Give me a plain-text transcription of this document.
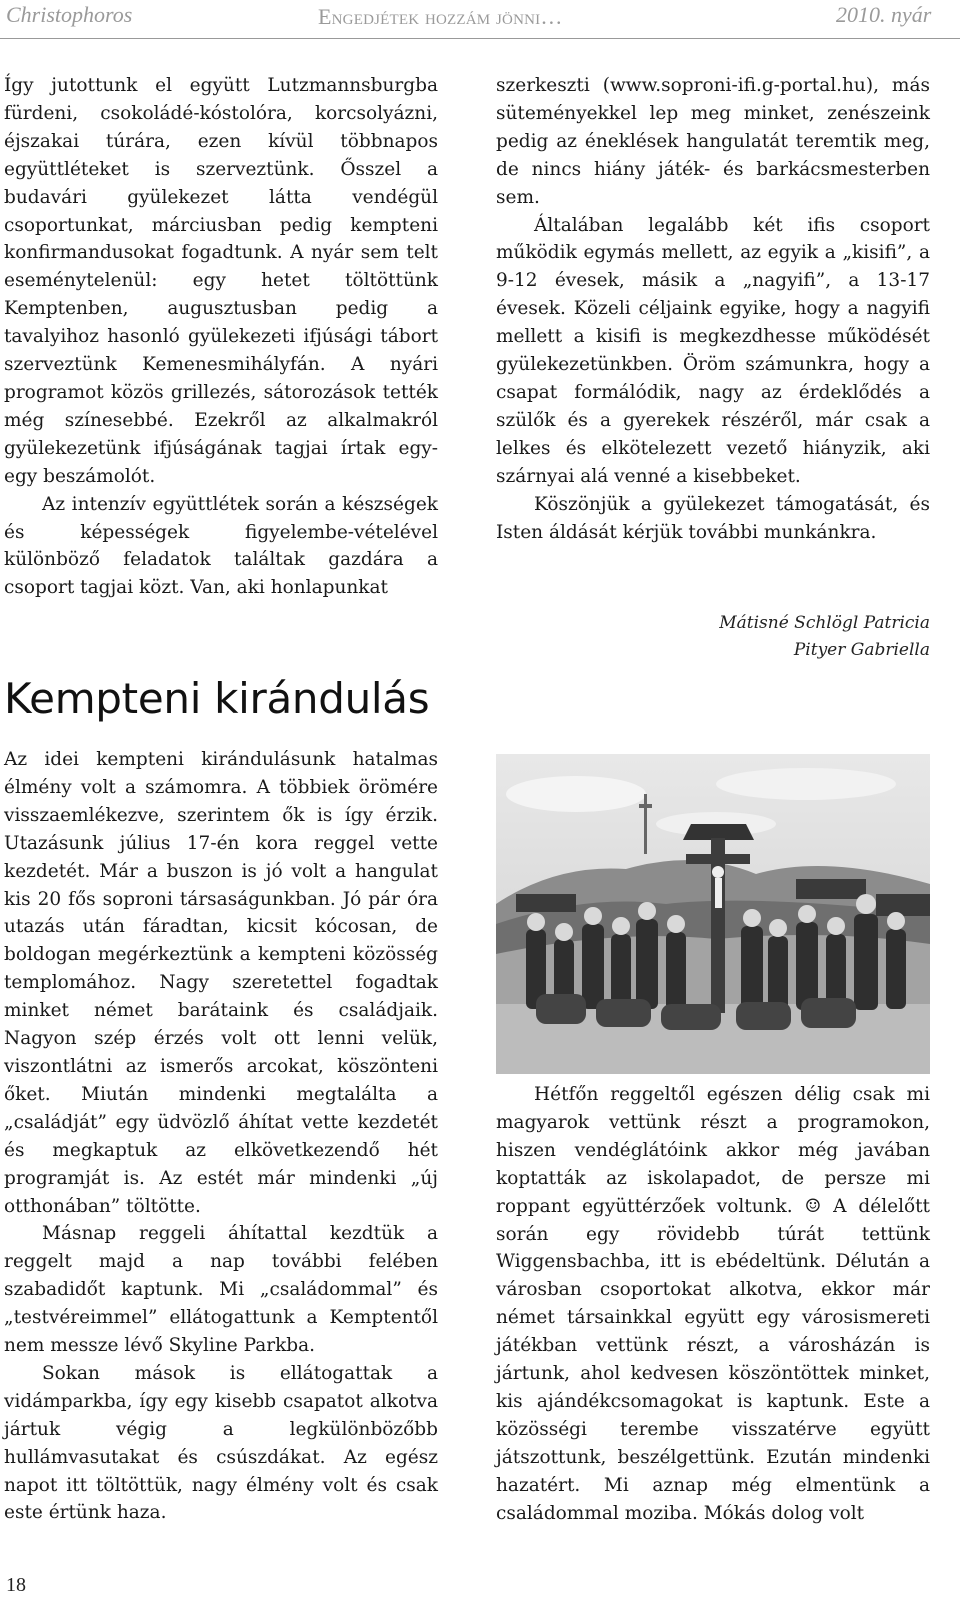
Christophoros	Engedjétek hozzám jönni…	2010. nyár

Így jutottunk el együtt Lutzmannsburgba fürdeni, csokoládé-kóstolóra, korcsolyázni, éjszakai túrára, ezen kívül többnapos együttléteket is szerveztünk. Ősszel a budavári gyülekezet látta vendégül csoportunkat, márciusban pedig kempteni konfirmandusokat fogadtunk. A nyár sem telt eseménytelenül: egy hetet töltöttünk Kemptenben, augusztusban pedig a tavalyihoz hasonló gyülekezeti ifjúsági tábort szerveztünk Kemenesmihályfán. A nyári programot közös grillezés, sátorozások tették még színesebbé. Ezekről az alkalmakról gyülekezetünk ifjúságának tagjai írtak egy-egy beszámolót.

Az intenzív együttlétek során a készségek és képességek figyelembe-vételével különböző feladatok találtak gazdára a csoport tagjai közt. Van, aki honlapunkat

szerkeszti (www.soproni-ifi.g-portal.hu), más süteményekkel lep meg minket, zenészeink pedig az éneklések hangulatát teremtik meg, de nincs hiány játék- és barkácsmesterben sem.

Általában legalább két ifis csoport működik egymás mellett, az egyik a „kisifi”, a 9-12 évesek, másik a „nagyifi”, a 13-17 évesek. Közeli céljaink egyike, hogy a nagyifi mellett a kisifi is megkezdhesse működését gyülekezetünkben. Öröm számunkra, hogy a csapat formálódik, nagy az érdeklődés a szülők és a gyerekek részéről, már csak a lelkes és elkötelezett vezető hiányzik, aki szárnyai alá venné a kisebbeket.

Köszönjük a gyülekezet támogatását, és Isten áldását kérjük további munkánkra.

Mátisné Schlögl Patricia
Pityer Gabriella
Kempteni kirándulás

Az idei kempteni kirándulásunk hatalmas élmény volt a számomra. A többiek örömére visszaemlékezve, szerintem ők is így érzik. Utazásunk július 17-én kora reggel vette kezdetét. Már a buszon is jó volt a hangulat kis 20 fős soproni társaságunkban. Jó pár óra utazás után fáradtan, kicsit kócosan, de boldogan megérkeztünk a kempteni közösség templomához. Nagy szeretettel fogadtak minket német barátaink és családjaik. Nagyon szép érzés volt ott lenni velük, viszontlátni az ismerős arcokat, köszönteni őket. Miután mindenki megtalálta a „családját” egy üdvözlő áhítat vette kezdetét és megkaptuk az elkövetkezendő hét programját is. Az estét már mindenki „új otthonában” töltötte.

Másnap reggeli áhítattal kezdtük a reggelt majd a nap további felében szabadidőt kaptunk. Mi „családommal” és „testvéreimmel” ellátogattunk a Kemptentől nem messze lévő Skyline Parkba.

Sokan mások is ellátogattak a vidámparkba, így egy kisebb csapatot alkotva jártuk végig a legkülönbözőbb hullámvasutakat és csúszdákat. Az egész napot itt töltöttük, nagy élmény volt és csak este értünk haza.

Hétfőn reggeltől egészen délig csak mi magyarok vettünk részt a programokon, hiszen vendéglátóink akkor még javában koptatták az iskolapadot, de persze mi roppant együttérzőek voltunk. ☺ A délelőtt során egy rövidebb túrát tettünk Wiggensbachba, itt is ebédeltünk. Délután a városban csoportokat alkotva, ekkor már német társainkkal együtt egy városismereti játékban vettünk részt, a városházán is jártunk, ahol kedvesen köszöntöttek minket, kis ajándékcsomagokat is kaptunk. Este a közösségi terembe visszatérve együtt játszottunk, beszélgettünk. Ezután mindenki hazatért. Mi aznap még elmentünk a családommal moziba. Mókás dolog volt

18
